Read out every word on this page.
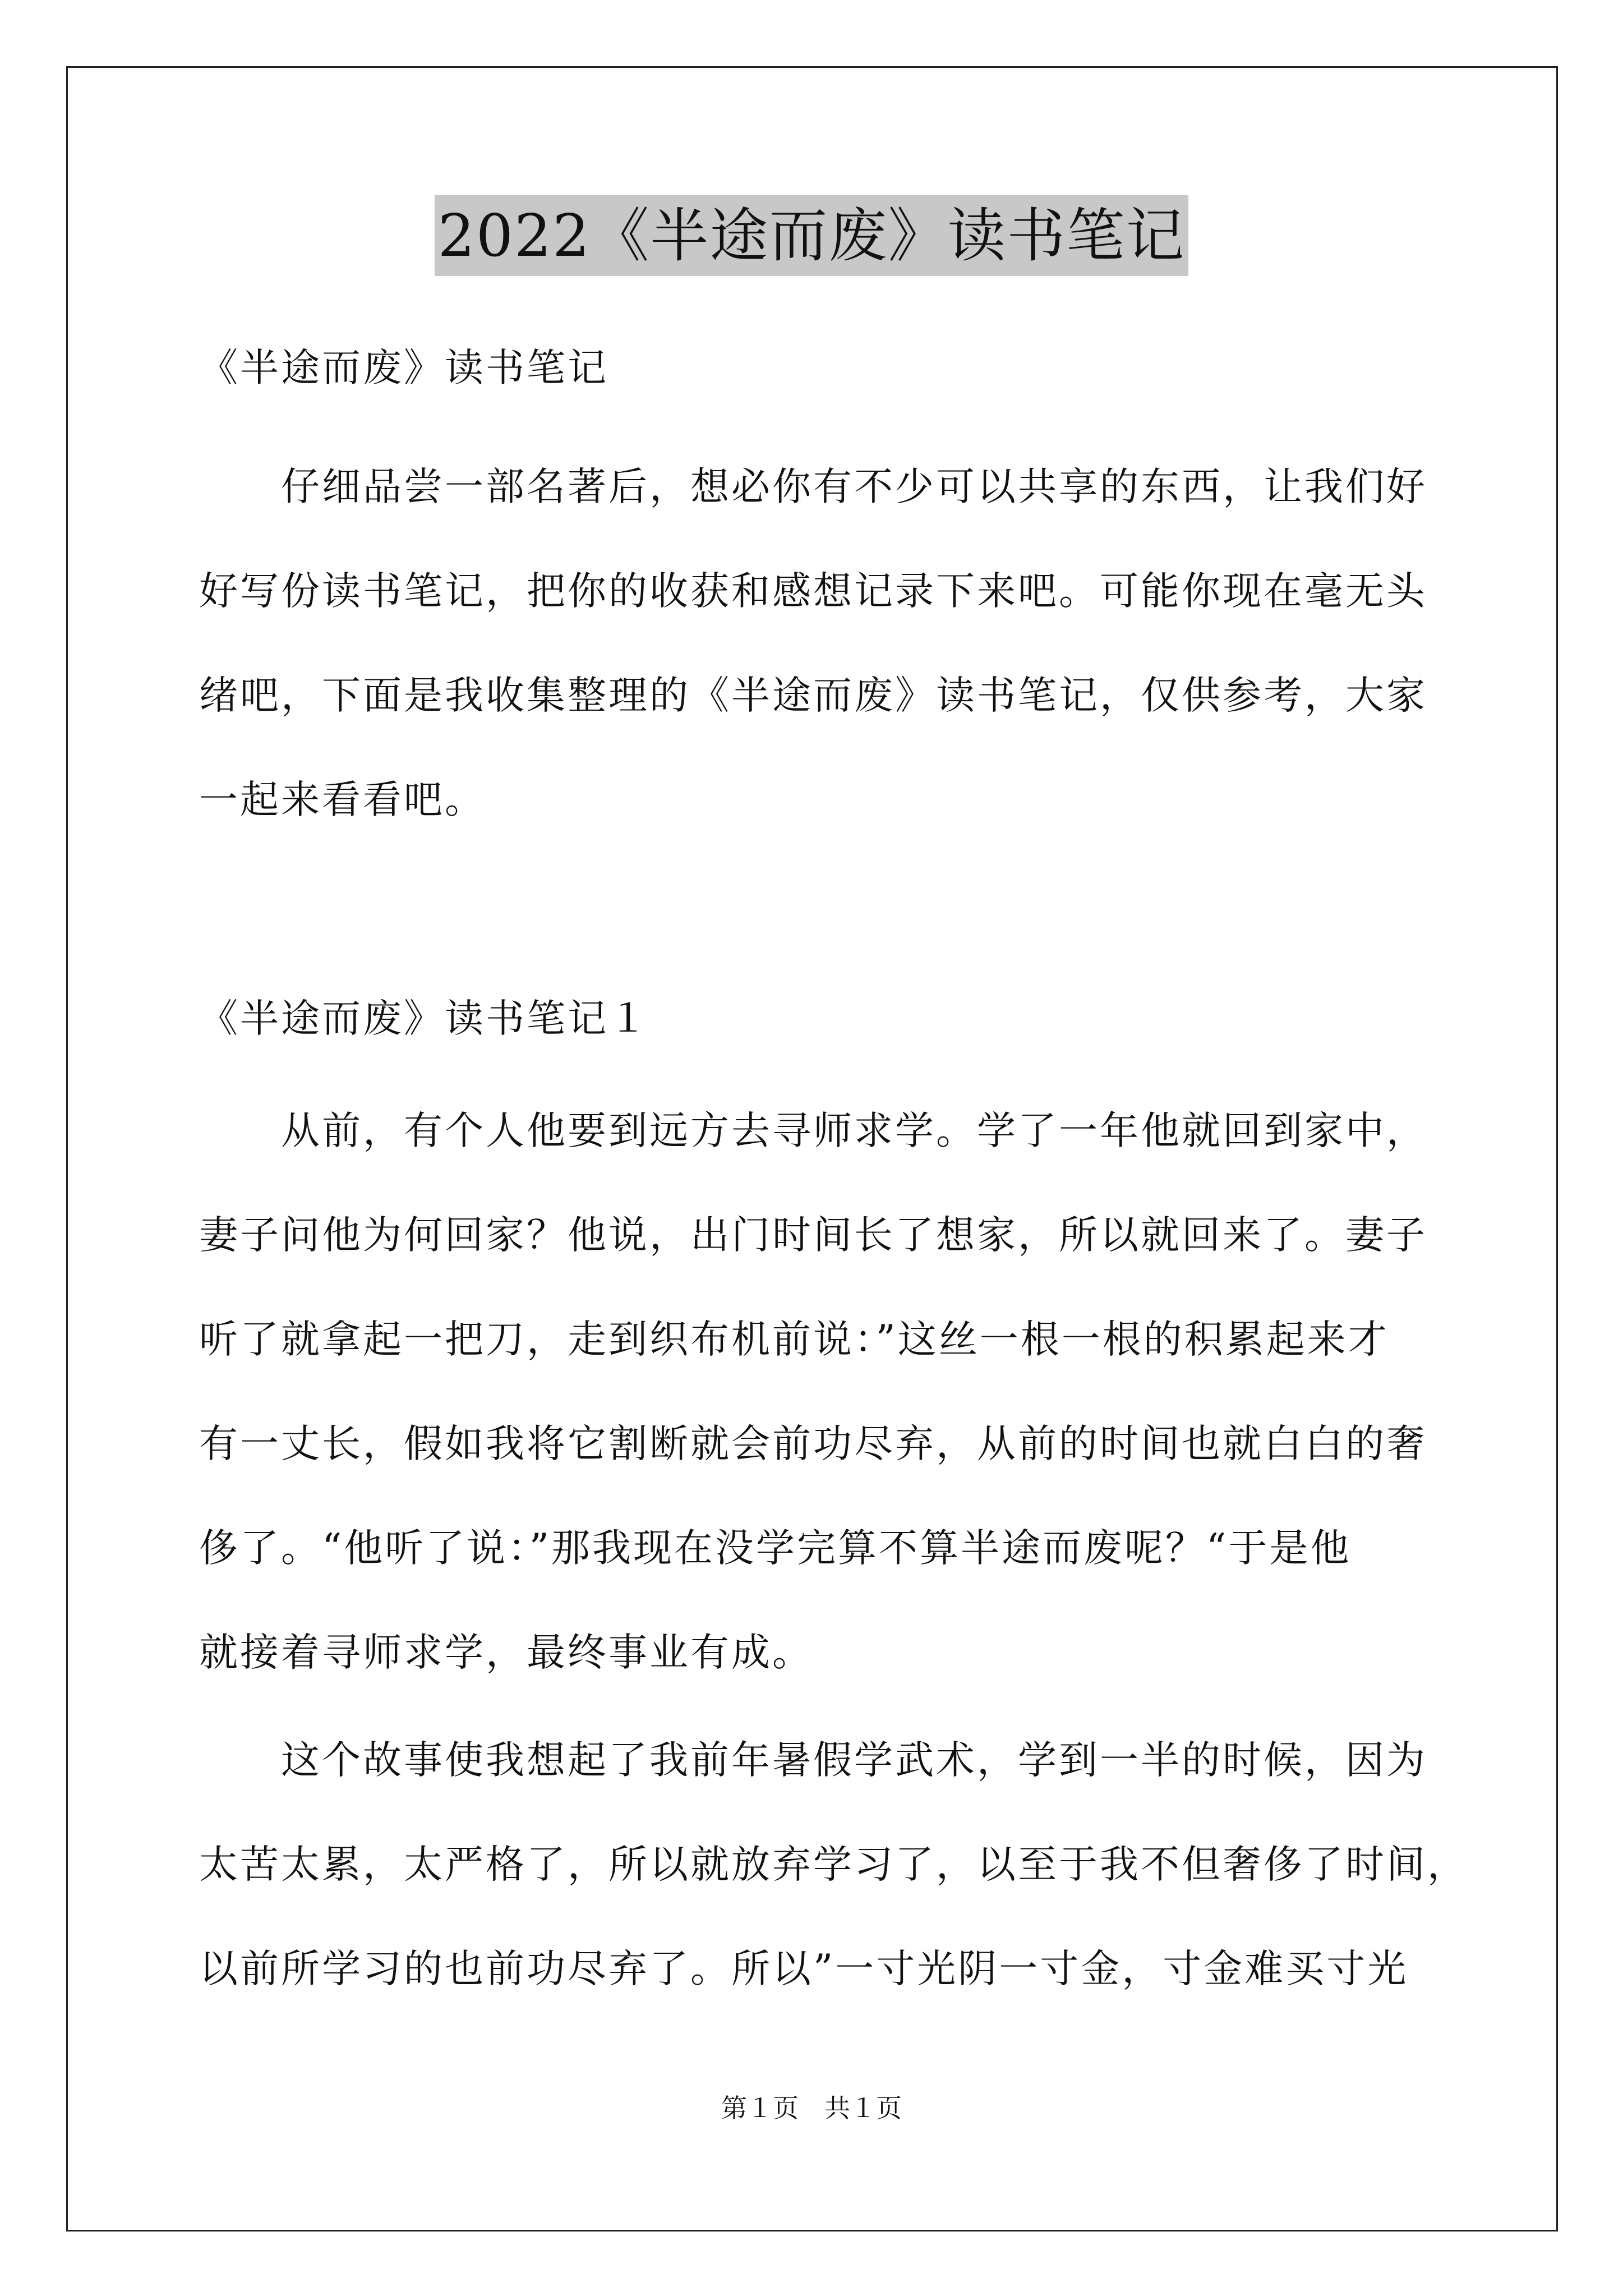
2022《半途而废》读书笔记
《半途而废》读书笔记
　　仔细品尝一部名著后，想必你有不少可以共享的东西，让我们好
好写份读书笔记，把你的收获和感想记录下来吧。可能你现在毫无头
绪吧，下面是我收集整理的《半途而废》读书笔记，仅供参考，大家
一起来看看吧。
《半途而废》读书笔记１
　　从前，有个人他要到远方去寻师求学。学了一年他就回到家中，
妻子问他为何回家？他说，出门时间长了想家，所以就回来了。妻子
听了就拿起一把刀，走到织布机前说：”这丝一根一根的积累起来才
有一丈长，假如我将它割断就会前功尽弃，从前的时间也就白白的奢
侈了。“他听了说：”那我现在没学完算不算半途而废呢？“于是他
就接着寻师求学，最终事业有成。
　　这个故事使我想起了我前年暑假学武术，学到一半的时候，因为
太苦太累，太严格了，所以就放弃学习了，以至于我不但奢侈了时间，
以前所学习的也前功尽弃了。所以”一寸光阴一寸金，寸金难买寸光
第１页　共１页
